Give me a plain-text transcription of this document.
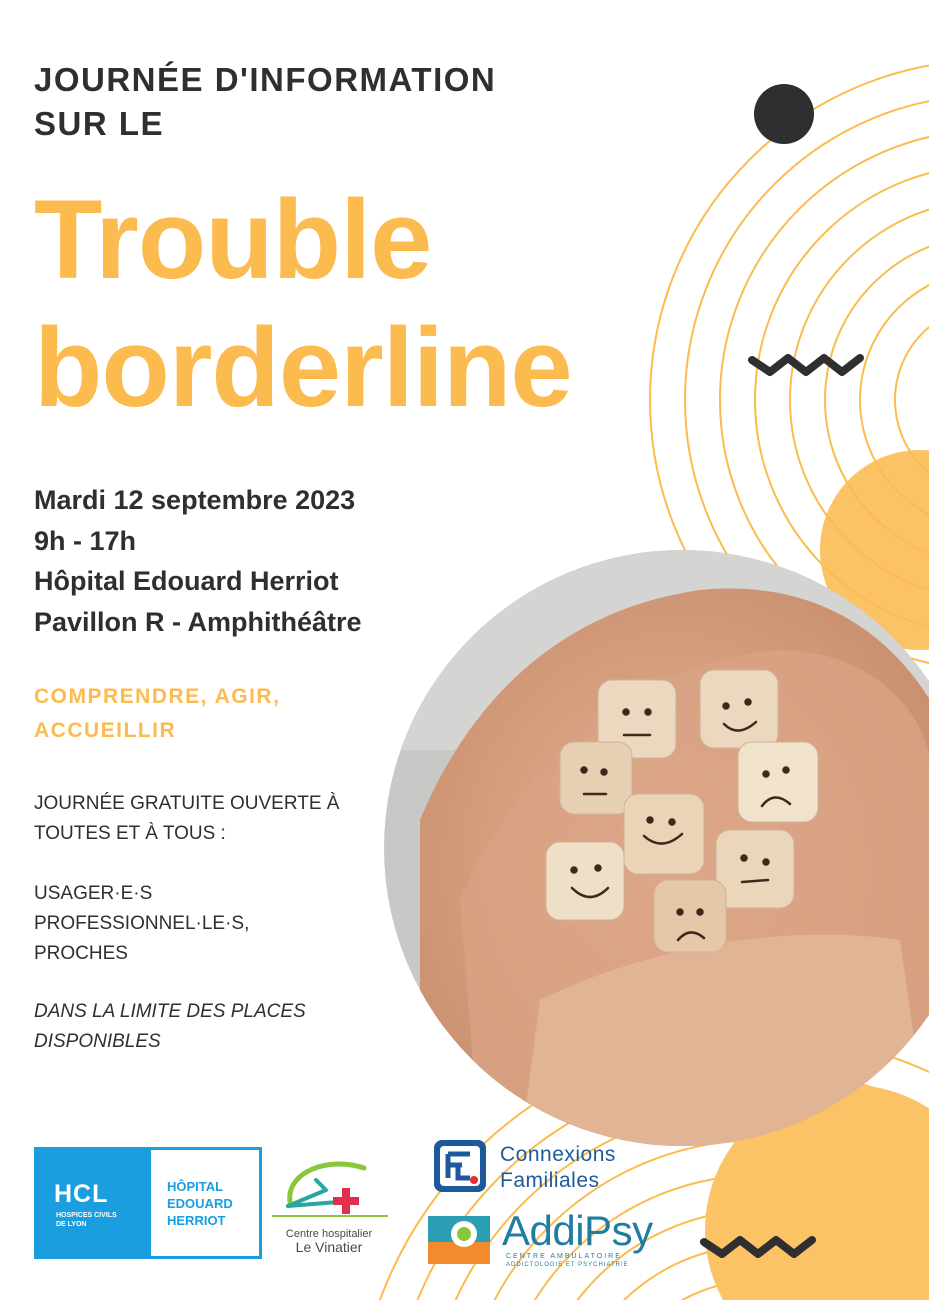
JOURNÉE D'INFORMATION
SUR LE
Trouble
borderline
Mardi 12 septembre 2023
9h - 17h
Hôpital Edouard Herriot
Pavillon R - Amphithéâtre
COMPRENDRE, AGIR,
ACCUEILLIR
JOURNÉE GRATUITE OUVERTE À
TOUTES ET À TOUS :
USAGER·E·S
PROFESSIONNEL·LE·S,
PROCHES
DANS LA LIMITE DES PLACES
DISPONIBLES
HCL
HOSPICES CIVILS
DE LYON
HÔPITAL
EDOUARD
HERRIOT
Centre hospitalier
Le Vinatier
Connexions
Familiales
AddiPsy
CENTRE AMBULATOIRE
ADDICTOLOGIE ET PSYCHIATRIE
